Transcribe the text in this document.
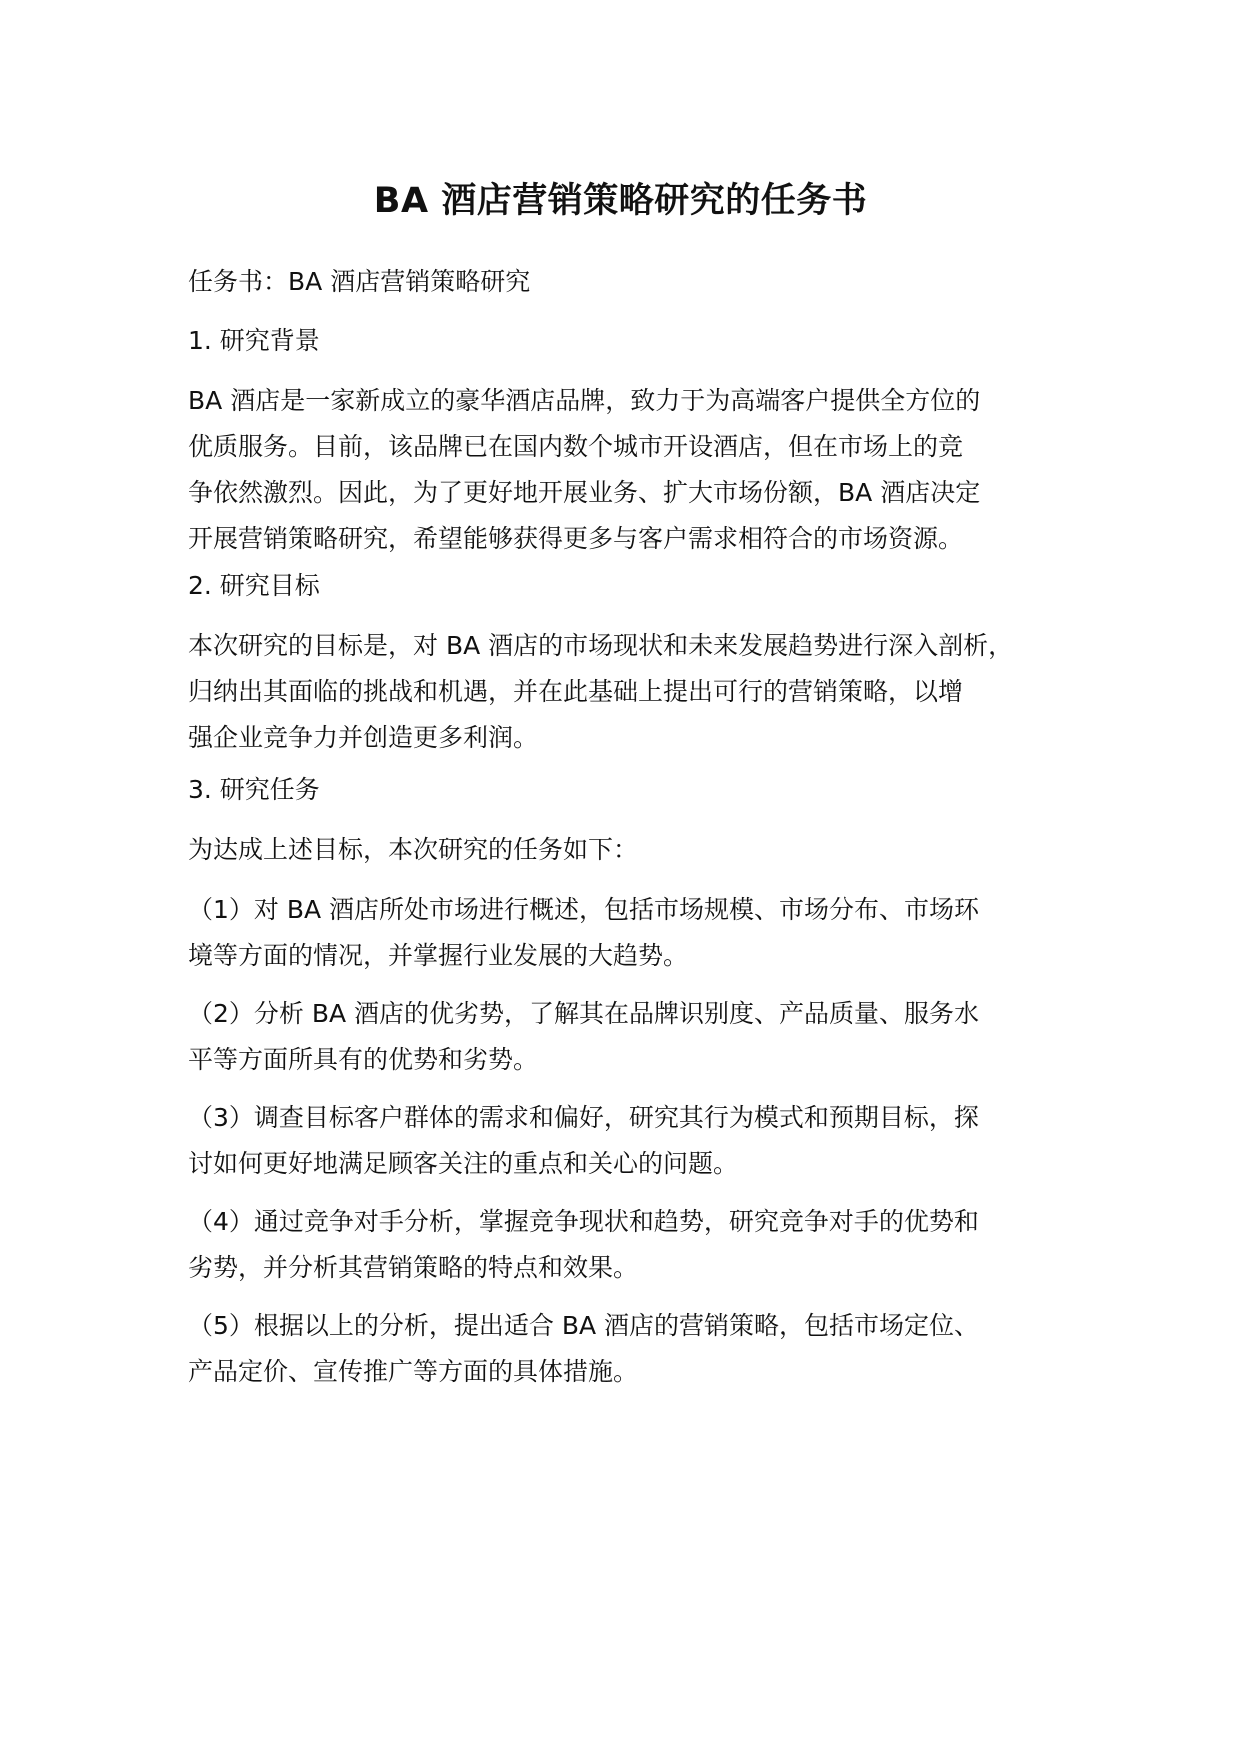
BA 酒店营销策略研究的任务书
任务书：BA 酒店营销策略研究
1. 研究背景
BA 酒店是一家新成立的豪华酒店品牌，致力于为高端客户提供全方位的
优质服务。目前，该品牌已在国内数个城市开设酒店，但在市场上的竞
争依然激烈。因此，为了更好地开展业务、扩大市场份额，BA 酒店决定
开展营销策略研究，希望能够获得更多与客户需求相符合的市场资源。
2. 研究目标
本次研究的目标是，对 BA 酒店的市场现状和未来发展趋势进行深入剖析，
归纳出其面临的挑战和机遇，并在此基础上提出可行的营销策略，以增
强企业竞争力并创造更多利润。
3. 研究任务
为达成上述目标，本次研究的任务如下：
（1）对 BA 酒店所处市场进行概述，包括市场规模、市场分布、市场环
境等方面的情况，并掌握行业发展的大趋势。
（2）分析 BA 酒店的优劣势，了解其在品牌识别度、产品质量、服务水
平等方面所具有的优势和劣势。
（3）调查目标客户群体的需求和偏好，研究其行为模式和预期目标，探
讨如何更好地满足顾客关注的重点和关心的问题。
（4）通过竞争对手分析，掌握竞争现状和趋势，研究竞争对手的优势和
劣势，并分析其营销策略的特点和效果。
（5）根据以上的分析，提出适合 BA 酒店的营销策略，包括市场定位、
产品定价、宣传推广等方面的具体措施。
